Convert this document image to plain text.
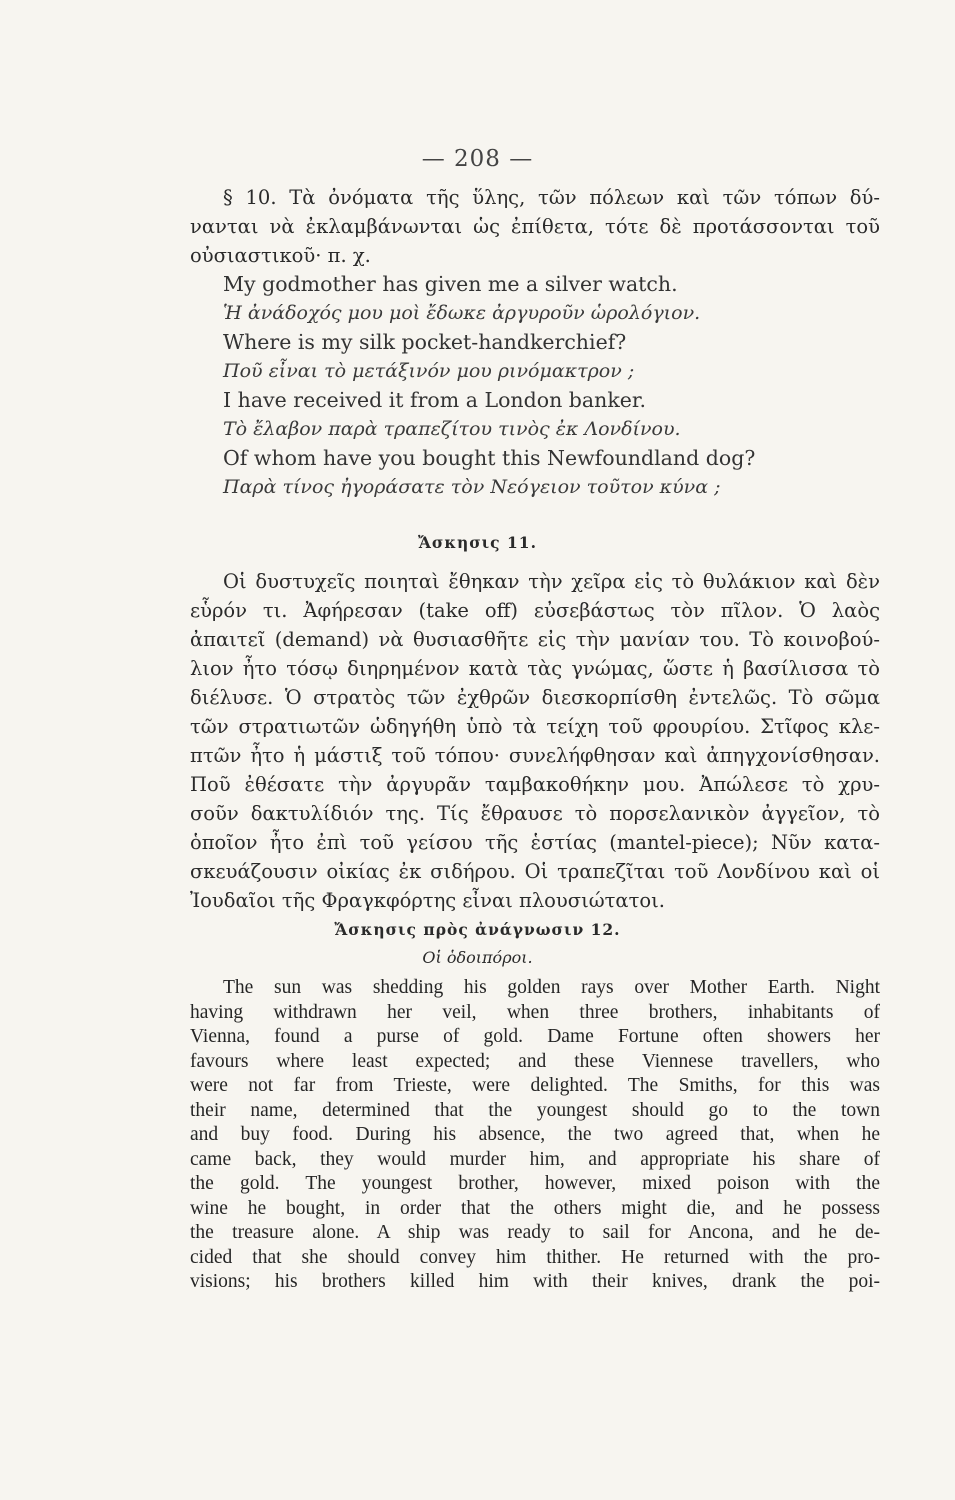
— 208 —
§ 10. Τὰ ὀνόματα τῆς ὕλης, τῶν πόλεων καὶ τῶν τόπων δύ-
νανται νὰ ἐκλαμβάνωνται ὡς ἐπίθετα, τότε δὲ προτάσσονται τοῦ
οὐσιαστικοῦ· π. χ.
My godmother has given me a silver watch.
Ἡ ἀνάδοχός μου μοὶ ἔδωκε ἀργυροῦν ὡρολόγιον.
Where is my silk pocket-handkerchief?
Ποῦ εἶναι τὸ μετάξινόν μου ρινόμακτρον ;
I have received it from a London banker.
Τὸ ἔλαβον παρὰ τραπεζίτου τινὸς ἐκ Λονδίνου.
Of whom have you bought this Newfoundland dog?
Παρὰ τίνος ἠγοράσατε τὸν Νεόγειον τοῦτον κύνα ;
Ἄσκησις 11.
Οἱ δυστυχεῖς ποιηταὶ ἔθηκαν τὴν χεῖρα εἰς τὸ θυλάκιον καὶ δὲν
εὗρόν τι. Ἀφήρεσαν (take off) εὐσεβάστως τὸν πῖλον. Ὁ λαὸς
ἀπαιτεῖ (demand) νὰ θυσιασθῆτε εἰς τὴν μανίαν του. Τὸ κοινοβού-
λιον ἦτο τόσῳ διηρημένον κατὰ τὰς γνώμας, ὥστε ἡ βασίλισσα τὸ
διέλυσε. Ὁ στρατὸς τῶν ἐχθρῶν διεσκορπίσθη ἐντελῶς. Τὸ σῶμα
τῶν στρατιωτῶν ὡδηγήθη ὑπὸ τὰ τείχη τοῦ φρουρίου. Στῖφος κλε-
πτῶν ἦτο ἡ μάστιξ τοῦ τόπου· συνελήφθησαν καὶ ἀπηγχονίσθησαν.
Ποῦ ἐθέσατε τὴν ἀργυρᾶν ταμβακοθήκην μου. Ἀπώλεσε τὸ χρυ-
σοῦν δακτυλίδιόν της. Τίς ἔθραυσε τὸ πορσελανικὸν ἀγγεῖον, τὸ
ὁποῖον ἦτο ἐπὶ τοῦ γείσου τῆς ἑστίας (mantel-piece); Νῦν κατα-
σκευάζουσιν οἰκίας ἐκ σιδήρου. Οἱ τραπεζῖται τοῦ Λονδίνου καὶ οἱ
Ἰουδαῖοι τῆς Φραγκφόρτης εἶναι πλουσιώτατοι.
Ἄσκησις πρὸς ἀνάγνωσιν 12.
Οἱ ὁδοιπόροι.
The sun was shedding his golden rays over Mother Earth. Night
having withdrawn her veil, when three brothers, inhabitants of
Vienna, found a purse of gold. Dame Fortune often showers her
favours where least expected; and these Viennese travellers, who
were not far from Trieste, were delighted. The Smiths, for this was
their name, determined that the youngest should go to the town
and buy food. During his absence, the two agreed that, when he
came back, they would murder him, and appropriate his share of
the gold. The youngest brother, however, mixed poison with the
wine he bought, in order that the others might die, and he possess
the treasure alone. A ship was ready to sail for Ancona, and he de-
cided that she should convey him thither. He returned with the pro-
visions; his brothers killed him with their knives, drank the poi-
